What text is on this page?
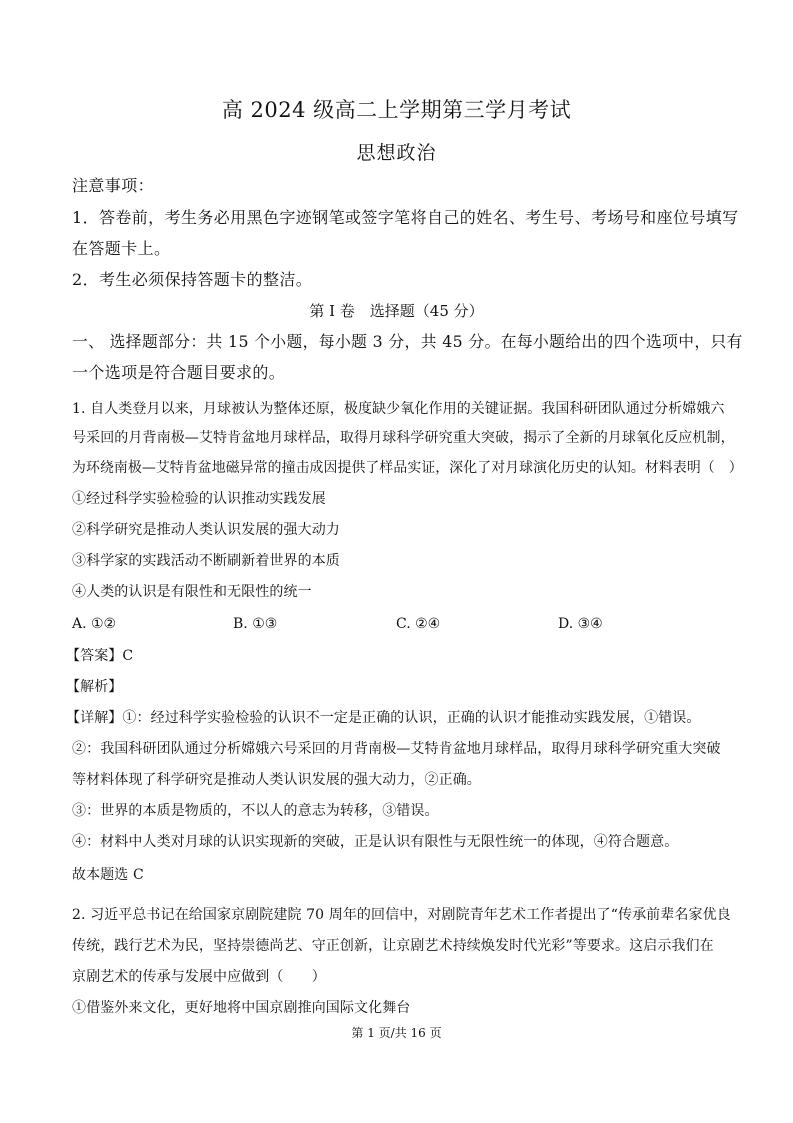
高 2024 级高二上学期第三学月考试
思想政治
注意事项：
1．答卷前，考生务必用黑色字迹钢笔或签字笔将自己的姓名、考生号、考场号和座位号填写
在答题卡上。
2．考生必须保持答题卡的整洁。
第 I 卷　选择题（45 分）
一、 选择题部分：共 15 个小题，每小题 3 分，共 45 分。在每小题给出的四个选项中，只有
一个选项是符合题目要求的。
1. 自人类登月以来，月球被认为整体还原，极度缺少氧化作用的关键证据。我国科研团队通过分析嫦娥六
号采回的月背南极—艾特肯盆地月球样品，取得月球科学研究重大突破，揭示了全新的月球氧化反应机制，
为环绕南极—艾特肯盆地磁异常的撞击成因提供了样品实证，深化了对月球演化历史的认知。材料表明（　）
①经过科学实验检验的认识推动实践发展
②科学研究是推动人类认识发展的强大动力
③科学家的实践活动不断刷新着世界的本质
④人类的认识是有限性和无限性的统一
A. ①②	B. ①③	C. ②④	D. ③④
【答案】C
【解析】
【详解】①：经过科学实验检验的认识不一定是正确的认识，正确的认识才能推动实践发展，①错误。
②：我国科研团队通过分析嫦娥六号采回的月背南极—艾特肯盆地月球样品，取得月球科学研究重大突破
等材料体现了科学研究是推动人类认识发展的强大动力，②正确。
③：世界的本质是物质的，不以人的意志为转移，③错误。
④：材料中人类对月球的认识实现新的突破，正是认识有限性与无限性统一的体现，④符合题意。
故本题选 C
2. 习近平总书记在给国家京剧院建院 70 周年的回信中，对剧院青年艺术工作者提出了“传承前辈名家优良
传统，践行艺术为民，坚持崇德尚艺、守正创新，让京剧艺术持续焕发时代光彩”等要求。这启示我们在
京剧艺术的传承与发展中应做到（　　）
①借鉴外来文化，更好地将中国京剧推向国际文化舞台
第 1 页/共 16 页
